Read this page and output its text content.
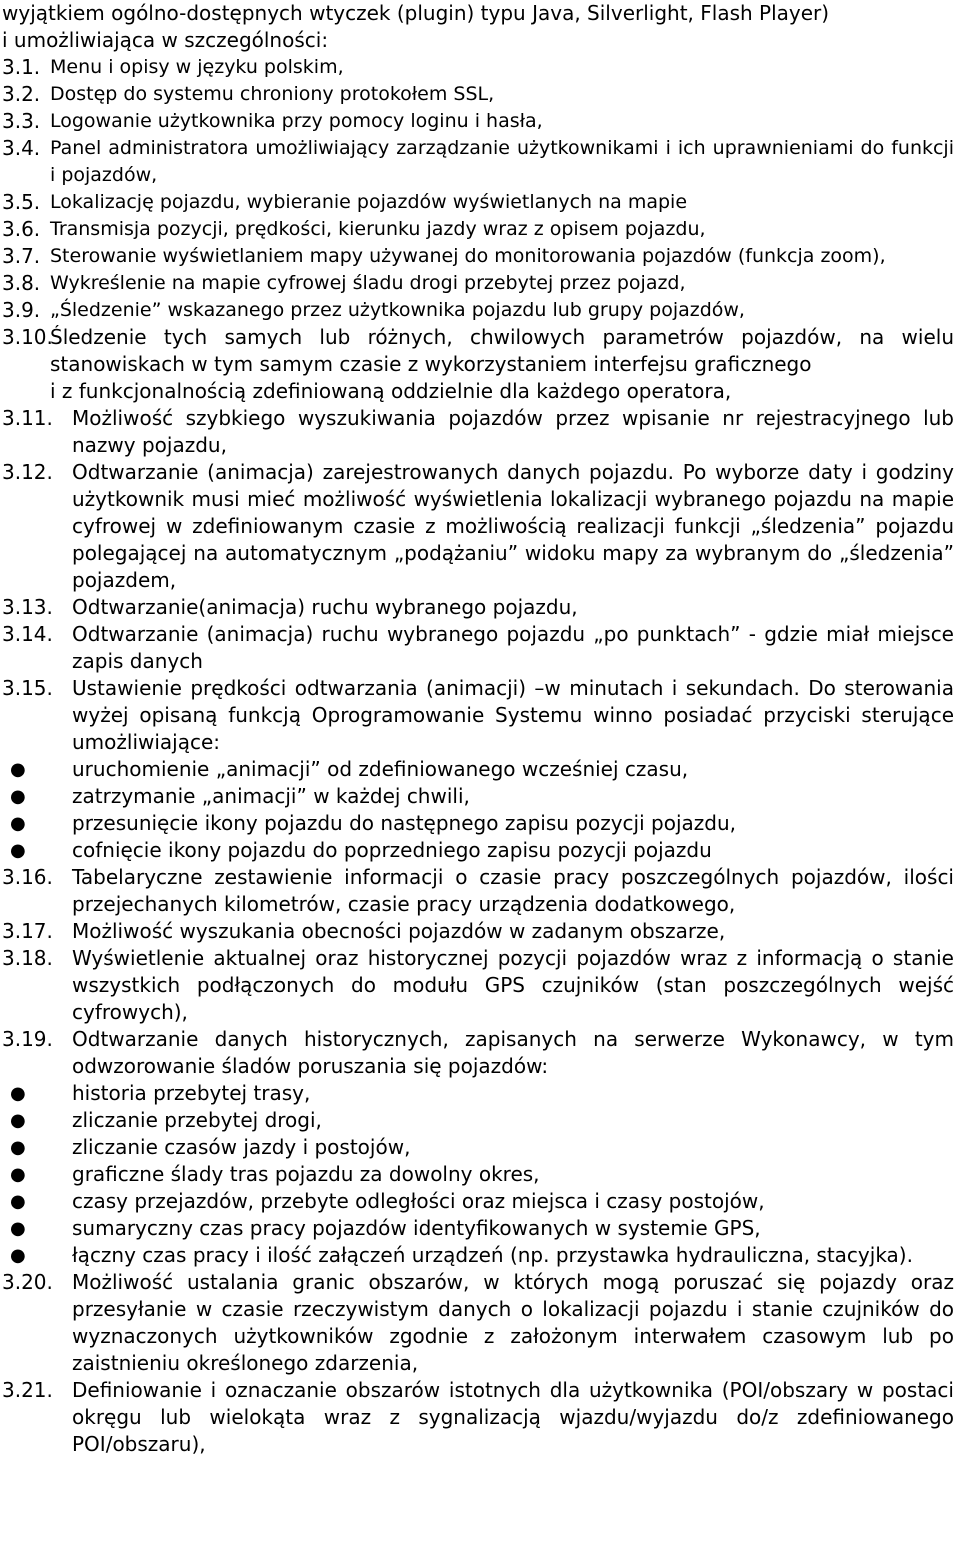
wyjątkiem ogólno-dostępnych wtyczek (plugin) typu Java, Silverlight, Flash Player)
i umożliwiająca w szczególności:
3.1. Menu i opisy w języku polskim,
3.2. Dostęp do systemu chroniony protokołem SSL,
3.3. Logowanie użytkownika przy pomocy loginu i hasła,
3.4. Panel administratora umożliwiający zarządzanie użytkownikami i ich uprawnieniami do funkcji i pojazdów,
3.5. Lokalizację pojazdu, wybieranie pojazdów wyświetlanych na mapie
3.6. Transmisja pozycji, prędkości, kierunku jazdy wraz z opisem pojazdu,
3.7. Sterowanie wyświetlaniem mapy używanej do monitorowania pojazdów (funkcja zoom),
3.8. Wykreślenie na mapie cyfrowej śladu drogi przebytej przez pojazd,
3.9. „Śledzenie” wskazanego przez użytkownika pojazdu lub grupy pojazdów,
3.10.
Śledzenie tych samych lub różnych, chwilowych parametrów pojazdów, na wielu stanowiskach w tym samym czasie z wykorzystaniem interfejsu graficznego
i z funkcjonalnością zdefiniowaną oddzielnie dla każdego operatora,
3.11. Możliwość szybkiego wyszukiwania pojazdów przez wpisanie nr rejestracyjnego lub nazwy pojazdu,
3.12. Odtwarzanie (animacja) zarejestrowanych danych pojazdu. Po wyborze daty i godziny użytkownik musi mieć możliwość wyświetlenia lokalizacji wybranego pojazdu na mapie cyfrowej w zdefiniowanym czasie z możliwością realizacji funkcji „śledzenia” pojazdu polegającej na automatycznym „podążaniu” widoku mapy za wybranym do „śledzenia” pojazdem,
3.13. Odtwarzanie(animacja) ruchu wybranego pojazdu,
3.14. Odtwarzanie (animacja) ruchu wybranego pojazdu „po punktach” - gdzie miał miejsce zapis danych
3.15. Ustawienie prędkości odtwarzania (animacji) –w minutach i sekundach. Do sterowania wyżej opisaną funkcją Oprogramowanie Systemu winno posiadać przyciski sterujące umożliwiające:
●	uruchomienie „animacji” od zdefiniowanego wcześniej czasu,
●	zatrzymanie „animacji” w każdej chwili,
●	przesunięcie ikony pojazdu do następnego zapisu pozycji pojazdu,
●	cofnięcie ikony pojazdu do poprzedniego zapisu pozycji pojazdu
3.16. Tabelaryczne zestawienie informacji o czasie pracy poszczególnych pojazdów, ilości przejechanych kilometrów, czasie pracy urządzenia dodatkowego,
3.17. Możliwość wyszukania obecności pojazdów w zadanym obszarze,
3.18. Wyświetlenie aktualnej oraz historycznej pozycji pojazdów wraz z informacją o stanie wszystkich podłączonych do modułu GPS czujników (stan poszczególnych wejść cyfrowych),
3.19. Odtwarzanie danych historycznych, zapisanych na serwerze Wykonawcy, w tym odwzorowanie śladów poruszania się pojazdów:
●	historia przebytej trasy,
●	zliczanie przebytej drogi,
●	zliczanie czasów jazdy i postojów,
●	graficzne ślady tras pojazdu za dowolny okres,
●	czasy przejazdów, przebyte odległości oraz miejsca i czasy postojów,
●	sumaryczny czas pracy pojazdów identyfikowanych w systemie GPS,
●	łączny czas pracy i ilość załączeń urządzeń (np. przystawka hydrauliczna, stacyjka).
3.20. Możliwość ustalania granic obszarów, w których mogą poruszać się pojazdy oraz przesyłanie w czasie rzeczywistym danych o lokalizacji pojazdu i stanie czujników do wyznaczonych użytkowników zgodnie z założonym interwałem czasowym lub po zaistnieniu określonego zdarzenia,
3.21. Definiowanie i oznaczanie obszarów istotnych dla użytkownika (POI/obszary w postaci okręgu lub wielokąta wraz z sygnalizacją wjazdu/wyjazdu do/z zdefiniowanego POI/obszaru),
